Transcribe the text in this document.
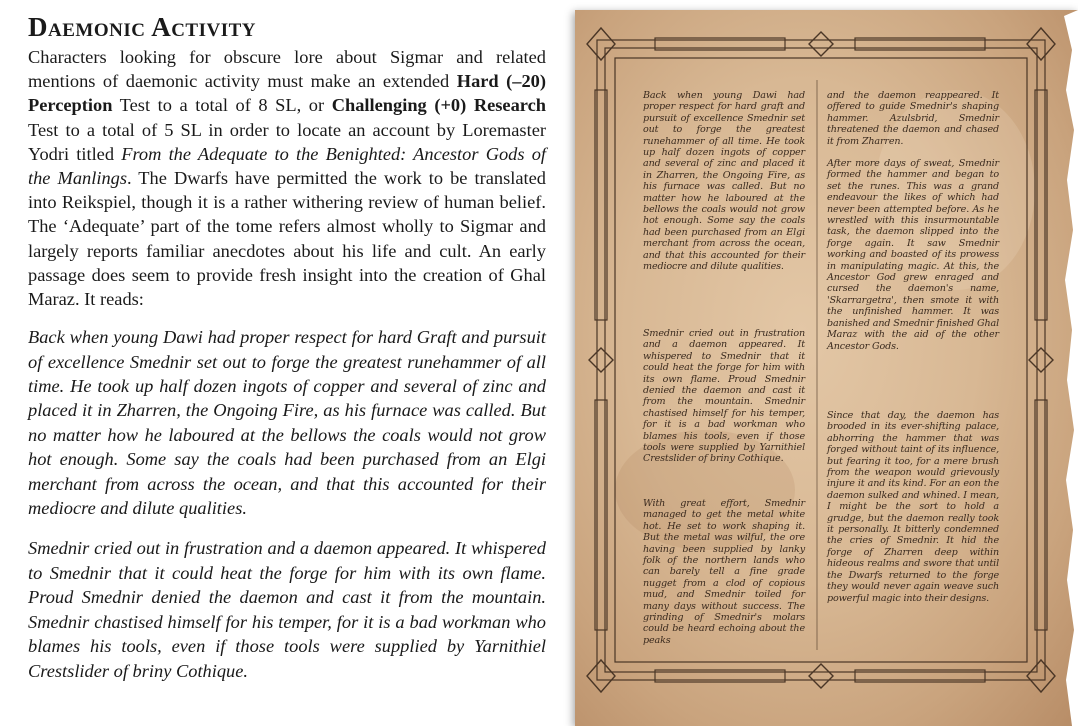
Daemonic Activity

Characters looking for obscure lore about Sigmar and related mentions of daemonic activity must make an extended Hard (–20) Perception Test to a total of 8 SL, or Challenging (+0) Research Test to a total of 5 SL in order to locate an account by Loremaster Yodri titled From the Adequate to the Benighted: Ancestor Gods of the Manlings. The Dwarfs have permitted the work to be translated into Reikspiel, though it is a rather withering review of human belief. The ‘Adequate’ part of the tome refers almost wholly to Sigmar and largely reports familiar anecdotes about his life and cult. An early passage does seem to provide fresh insight into the creation of Ghal Maraz. It reads:

Back when young Dawi had proper respect for hard Graft and pursuit of excellence Smednir set out to forge the greatest runehammer of all time. He took up half dozen ingots of copper and several of zinc and placed it in Zharren, the Ongoing Fire, as his furnace was called. But no matter how he laboured at the bellows the coals would not grow hot enough. Some say the coals had been purchased from an Elgi merchant from across the ocean, and that this accounted for their mediocre and dilute qualities.

Smednir cried out in frustration and a daemon appeared. It whispered to Smednir that it could heat the forge for him with its own flame. Proud Smednir denied the daemon and cast it from the mountain. Smednir chastised himself for his temper, for it is a bad workman who blames his tools, even if those tools were supplied by Yarnithiel Crestslider of briny Cothique.

Back when young Dawi had proper respect for hard graft and pursuit of excellence Smednir set out to forge the greatest runehammer of all time. He took up half dozen ingots of copper and several of zinc and placed it in Zharren, the Ongoing Fire, as his furnace was called. But no matter how he laboured at the bellows the coals would not grow hot enough. Some say the coals had been purchased from an Elgi merchant from across the ocean, and that this accounted for their mediocre and dilute qualities.
Smednir cried out in frustration and a daemon appeared. It whispered to Smednir that it could heat the forge for him with its own flame. Proud Smednir denied the daemon and cast it from the mountain. Smednir chastised himself for his temper, for it is a bad workman who blames his tools, even if those tools were supplied by Yarnithiel Crestslider of briny Cothique.
With great effort, Smednir managed to get the metal white hot. He set to work shaping it. But the metal was wilful, the ore having been supplied by lanky folk of the northern lands who can barely tell a fine grade nugget from a clod of copious mud, and Smednir toiled for many days without success. The grinding of Smednir's molars could be heard echoing about the peaks
and the daemon reappeared. It offered to guide Smednir's shaping hammer. Azulsbrid, Smednir threatened the daemon and chased it from Zharren.
After more days of sweat, Smednir formed the hammer and began to set the runes. This was a grand endeavour the likes of which had never been attempted before. As he wrestled with this insurmountable task, the daemon slipped into the forge again. It saw Smednir working and boasted of its prowess in manipulating magic. At this, the Ancestor God grew enraged and cursed the daemon's name, 'Skarrargetra', then smote it with the unfinished hammer. It was banished and Smednir finished Ghal Maraz with the aid of the other Ancestor Gods.
Since that day, the daemon has brooded in its ever-shifting palace, abhorring the hammer that was forged without taint of its influence, but fearing it too, for a mere brush from the weapon would grievously injure it and its kind. For an eon the daemon sulked and whined. I mean, I might be the sort to hold a grudge, but the daemon really took it personally. It bitterly condemned the cries of Smednir. It hid the forge of Zharren deep within hideous realms and swore that until the Dwarfs returned to the forge they would never again weave such powerful magic into their designs.
